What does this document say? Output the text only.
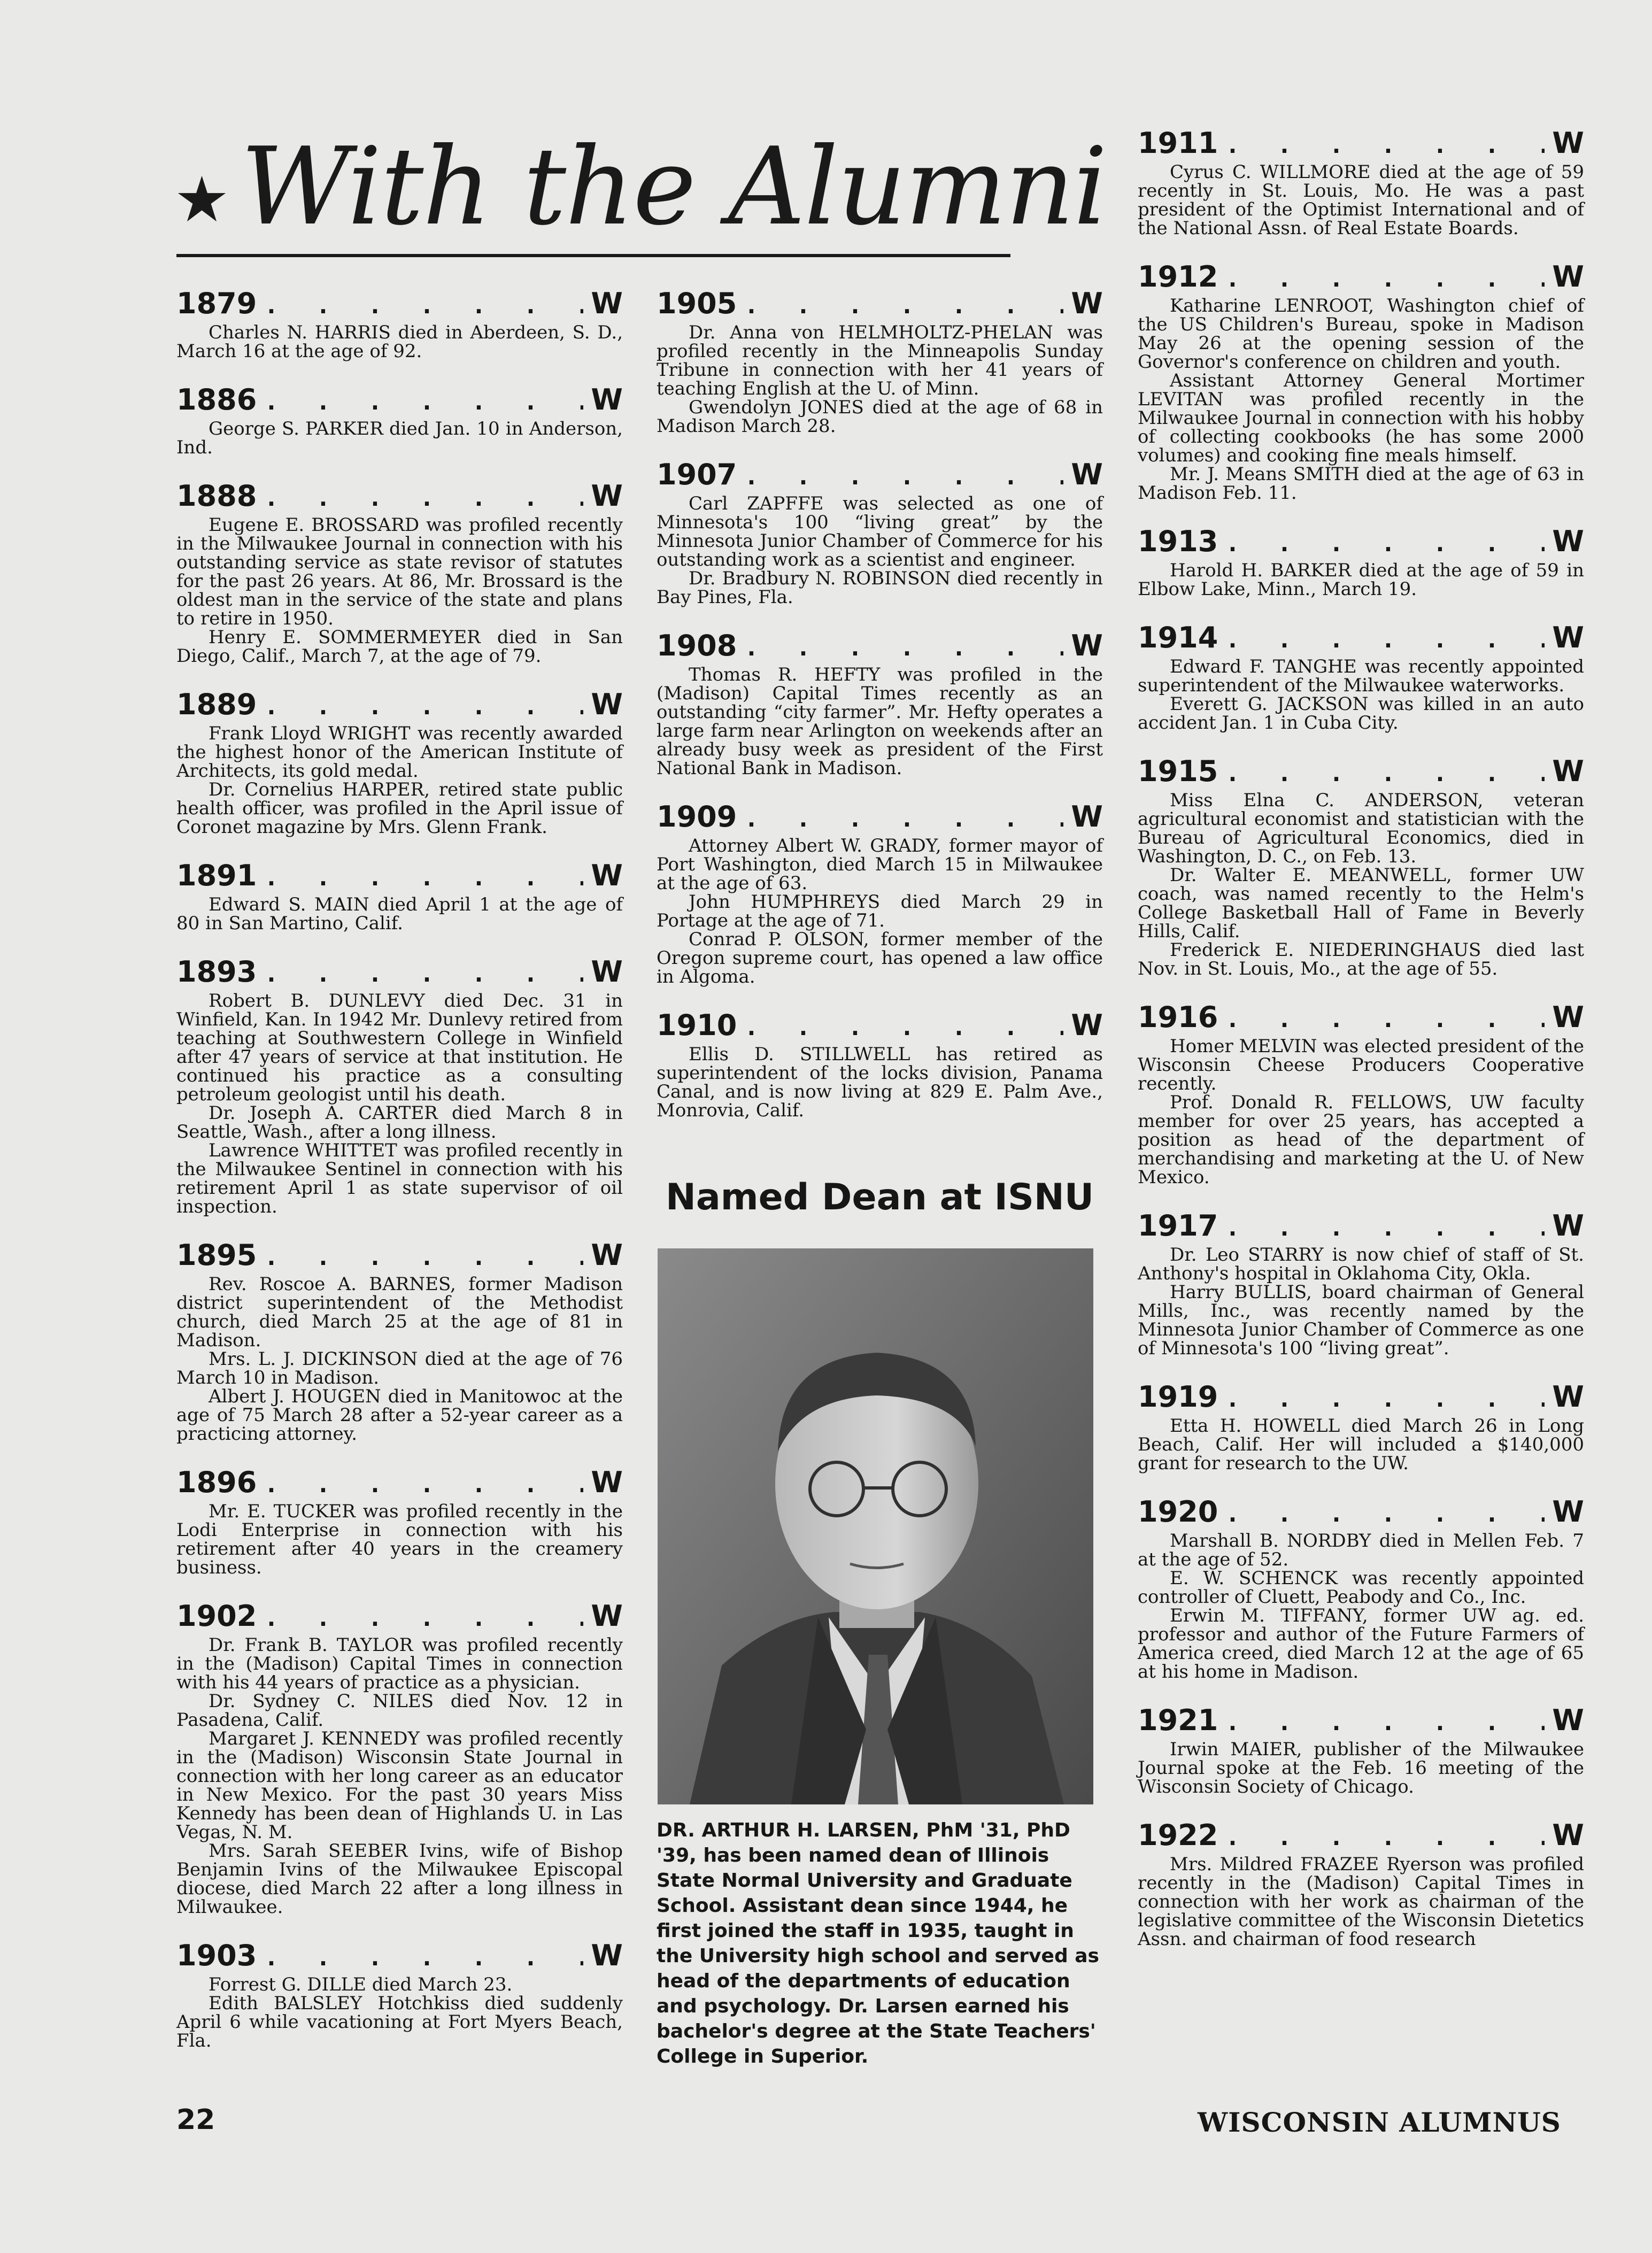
With the Alumni
1879 . . .	W

Charles N. HARRIS died in Aberdeen, S. D., March 16 at the age of 92.

1886 . . .	W

George S. PARKER died Jan. 10 in Anderson, Ind.

1888 . . .	W

Eugene E. BROSSARD was profiled recently in the Milwaukee Journal in connection with his outstanding service as state revisor of statutes for the past 26 years. At 86, Mr. Brossard is the oldest man in the service of the state and plans to retire in 1950.

Henry E. SOMMERMEYER died in San Diego, Calif., March 7, at the age of 79.

1889 . . .	W

Frank Lloyd WRIGHT was recently awarded the highest honor of the American Institute of Architects, its gold medal.

Dr. Cornelius HARPER, retired state public health officer, was profiled in the April issue of Coronet magazine by Mrs. Glenn Frank.

1891 . . .	W

Edward S. MAIN died April 1 at the age of 80 in San Martino, Calif.

1893 . . .	W

Robert B. DUNLEVY died Dec. 31 in Winfield, Kan. In 1942 Mr. Dunlevy retired from teaching at Southwestern College in Winfield after 47 years of service at that institution. He continued his practice as a consulting petroleum geologist until his death.

Dr. Joseph A. CARTER died March 8 in Seattle, Wash., after a long illness.

Lawrence WHITTET was profiled recently in the Milwaukee Sentinel in connection with his retirement April 1 as state supervisor of oil inspection.

1895 . . .	W

Rev. Roscoe A. BARNES, former Madison district superintendent of the Methodist church, died March 25 at the age of 81 in Madison.

Mrs. L. J. DICKINSON died at the age of 76 March 10 in Madison.

Albert J. HOUGEN died in Manitowoc at the age of 75 March 28 after a 52-year career as a practicing attorney.

1896 . . .	W

Mr. E. TUCKER was profiled recently in the Lodi Enterprise in connection with his retirement after 40 years in the creamery business.

1902 . . .	W

Dr. Frank B. TAYLOR was profiled recently in the (Madison) Capital Times in connection with his 44 years of practice as a physician.

Dr. Sydney C. NILES died Nov. 12 in Pasadena, Calif.

Margaret J. KENNEDY was profiled recently in the (Madison) Wisconsin State Journal in connection with her long career as an educator in New Mexico. For the past 30 years Miss Kennedy has been dean of Highlands U. in Las Vegas, N. M.

Mrs. Sarah SEEBER Ivins, wife of Bishop Benjamin Ivins of the Milwaukee Episcopal diocese, died March 22 after a long illness in Milwaukee.

1903 . . .	W

Forrest G. DILLE died March 23.

Edith BALSLEY Hotchkiss died suddenly April 6 while vacationing at Fort Myers Beach, Fla.

1905 . . .	W

Dr. Anna von HELMHOLTZ-PHELAN was profiled recently in the Minneapolis Sunday Tribune in connection with her 41 years of teaching English at the U. of Minn.

Gwendolyn JONES died at the age of 68 in Madison March 28.

1907 . . .	W

Carl ZAPFFE was selected as one of Minnesota's 100 “living great” by the Minnesota Junior Chamber of Commerce for his outstanding work as a scientist and engineer.

Dr. Bradbury N. ROBINSON died recently in Bay Pines, Fla.

1908 . . .	W

Thomas R. HEFTY was profiled in the (Madison) Capital Times recently as an outstanding “city farmer”. Mr. Hefty operates a large farm near Arlington on weekends after an already busy week as president of the First National Bank in Madison.

1909 . . .	W

Attorney Albert W. GRADY, former mayor of Port Washington, died March 15 in Milwaukee at the age of 63.

John HUMPHREYS died March 29 in Portage at the age of 71.

Conrad P. OLSON, former member of the Oregon supreme court, has opened a law office in Algoma.

1910 . . .	W

Ellis D. STILLWELL has retired as superintendent of the locks division, Panama Canal, and is now living at 829 E. Palm Ave., Monrovia, Calif.

1911 . . .	W

Cyrus C. WILLMORE died at the age of 59 recently in St. Louis, Mo. He was a past president of the Optimist International and of the National Assn. of Real Estate Boards.

1912 . . .	W

Katharine LENROOT, Washington chief of the US Children's Bureau, spoke in Madison May 26 at the opening session of the Governor's conference on children and youth.

Assistant Attorney General Mortimer LEVITAN was profiled recently in the Milwaukee Journal in connection with his hobby of collecting cookbooks (he has some 2000 volumes) and cooking fine meals himself.

Mr. J. Means SMITH died at the age of 63 in Madison Feb. 11.

1913 . . .	W

Harold H. BARKER died at the age of 59 in Elbow Lake, Minn., March 19.

1914 . . .	W

Edward F. TANGHE was recently appointed superintendent of the Milwaukee waterworks.

Everett G. JACKSON was killed in an auto accident Jan. 1 in Cuba City.

1915 . . .	W

Miss Elna C. ANDERSON, veteran agricultural economist and statistician with the Bureau of Agricultural Economics, died in Washington, D. C., on Feb. 13.

Dr. Walter E. MEANWELL, former UW coach, was named recently to the Helm's College Basketball Hall of Fame in Beverly Hills, Calif.

Frederick E. NIEDERINGHAUS died last Nov. in St. Louis, Mo., at the age of 55.

1916 . . .	W

Homer MELVIN was elected president of the Wisconsin Cheese Producers Cooperative recently.

Prof. Donald R. FELLOWS, UW faculty member for over 25 years, has accepted a position as head of the department of merchandising and marketing at the U. of New Mexico.

1917 . . .	W

Dr. Leo STARRY is now chief of staff of St. Anthony's hospital in Oklahoma City, Okla.

Harry BULLIS, board chairman of General Mills, Inc., was recently named by the Minnesota Junior Chamber of Commerce as one of Minnesota's 100 “living great”.

1919 . . .	W

Etta H. HOWELL died March 26 in Long Beach, Calif. Her will included a $140,000 grant for research to the UW.

1920 . . .	W

Marshall B. NORDBY died in Mellen Feb. 7 at the age of 52.

E. W. SCHENCK was recently appointed controller of Cluett, Peabody and Co., Inc.

Erwin M. TIFFANY, former UW ag. ed. professor and author of the Future Farmers of America creed, died March 12 at the age of 65 at his home in Madison.

1921 . . .	W

Irwin MAIER, publisher of the Milwaukee Journal spoke at the Feb. 16 meeting of the Wisconsin Society of Chicago.

1922 . . .	W

Mrs. Mildred FRAZEE Ryerson was profiled recently in the (Madison) Capital Times in connection with her work as chairman of the legislative committee of the Wisconsin Dietetics Assn. and chairman of food research

Named Dean at ISNU
DR. ARTHUR H. LARSEN, PhM '31, PhD '39, has been named dean of Illinois State Normal University and Graduate School. Assistant dean since 1944, he first joined the staff in 1935, taught in the University high school and served as head of the departments of education and psychology. Dr. Larsen earned his bachelor's degree at the State Teachers' College in Superior.
22	WISCONSIN ALUMNUS
